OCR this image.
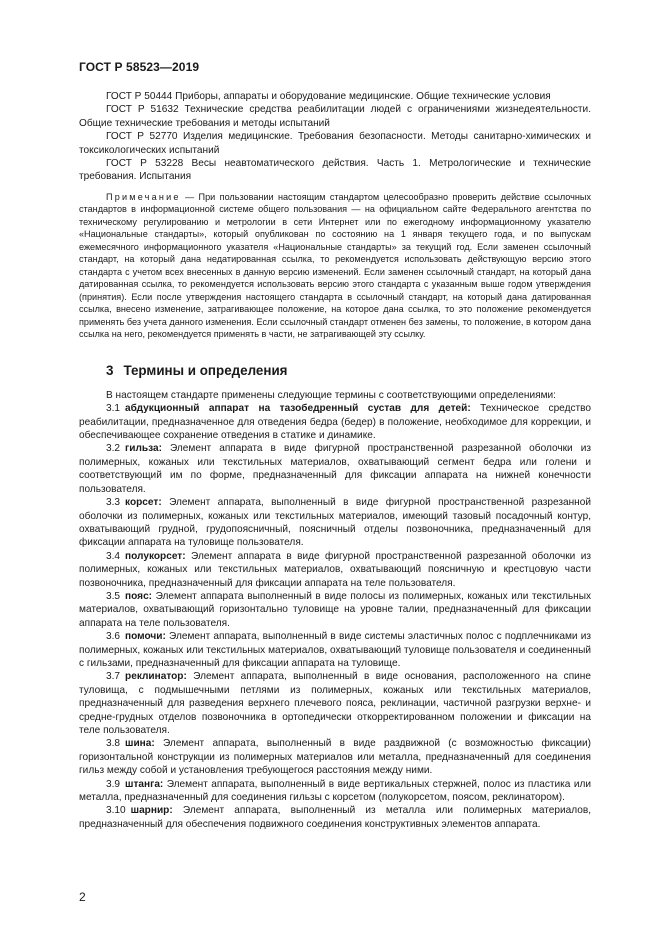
ГОСТ Р 58523—2019

ГОСТ Р 50444 Приборы, аппараты и оборудование медицинские. Общие технические условия

ГОСТ Р 51632 Технические средства реабилитации людей с ограничениями жизнедеятельности. Общие технические требования и методы испытаний

ГОСТ Р 52770 Изделия медицинские. Требования безопасности. Методы санитарно-химических и токсикологических испытаний

ГОСТ Р 53228 Весы неавтоматического действия. Часть 1. Метрологические и технические требования. Испытания

Примечание — При пользовании настоящим стандартом целесообразно проверить действие ссылочных стандартов в информационной системе общего пользования — на официальном сайте Федерального агентства по техническому регулированию и метрологии в сети Интернет или по ежегодному информационному указателю «Национальные стандарты», который опубликован по состоянию на 1 января текущего года, и по выпускам ежемесячного информационного указателя «Национальные стандарты» за текущий год. Если заменен ссылочный стандарт, на который дана недатированная ссылка, то рекомендуется использовать действующую версию этого стандарта с учетом всех внесенных в данную версию изменений. Если заменен ссылочный стандарт, на который дана датированная ссылка, то рекомендуется использовать версию этого стандарта с указанным выше годом утверждения (принятия). Если после утверждения настоящего стандарта в ссылочный стандарт, на который дана датированная ссылка, внесено изменение, затрагивающее положение, на которое дана ссылка, то это положение рекомендуется применять без учета данного изменения. Если ссылочный стандарт отменен без замены, то положение, в котором дана ссылка на него, рекомендуется применять в части, не затрагивающей эту ссылку.

3 Термины и определения

В настоящем стандарте применены следующие термины с соответствующими определениями:

3.1 абдукционный аппарат на тазобедренный сустав для детей: Техническое средство реабилитации, предназначенное для отведения бедра (бедер) в положение, необходимое для коррекции, и обеспечивающее сохранение отведения в статике и динамике.

3.2 гильза: Элемент аппарата в виде фигурной пространственной разрезанной оболочки из полимерных, кожаных или текстильных материалов, охватывающий сегмент бедра или голени и соответствующий им по форме, предназначенный для фиксации аппарата на нижней конечности пользователя.

3.3 корсет: Элемент аппарата, выполненный в виде фигурной пространственной разрезанной оболочки из полимерных, кожаных или текстильных материалов, имеющий тазовый посадочный контур, охватывающий грудной, грудопоясничный, поясничный отделы позвоночника, предназначенный для фиксации аппарата на туловище пользователя.

3.4 полукорсет: Элемент аппарата в виде фигурной пространственной разрезанной оболочки из полимерных, кожаных или текстильных материалов, охватывающий поясничную и крестцовую части позвоночника, предназначенный для фиксации аппарата на теле пользователя.

3.5 пояс: Элемент аппарата выполненный в виде полосы из полимерных, кожаных или текстильных материалов, охватывающий горизонтально туловище на уровне талии, предназначенный для фиксации аппарата на теле пользователя.

3.6 помочи: Элемент аппарата, выполненный в виде системы эластичных полос с подплечниками из полимерных, кожаных или текстильных материалов, охватывающий туловище пользователя и соединенный с гильзами, предназначенный для фиксации аппарата на туловище.

3.7 реклинатор: Элемент аппарата, выполненный в виде основания, расположенного на спине туловища, с подмышечными петлями из полимерных, кожаных или текстильных материалов, предназначенный для разведения верхнего плечевого пояса, реклинации, частичной разгрузки верхне- и средне-грудных отделов позвоночника в ортопедически откорректированном положении и фиксации на теле пользователя.

3.8 шина: Элемент аппарата, выполненный в виде раздвижной (с возможностью фиксации) горизонтальной конструкции из полимерных материалов или металла, предназначенный для соединения гильз между собой и установления требующегося расстояния между ними.

3.9 штанга: Элемент аппарата, выполненный в виде вертикальных стержней, полос из пластика или металла, предназначенный для соединения гильзы с корсетом (полукорсетом, поясом, реклинатором).

3.10 шарнир: Элемент аппарата, выполненный из металла или полимерных материалов, предназначенный для обеспечения подвижного соединения конструктивных элементов аппарата.

2
